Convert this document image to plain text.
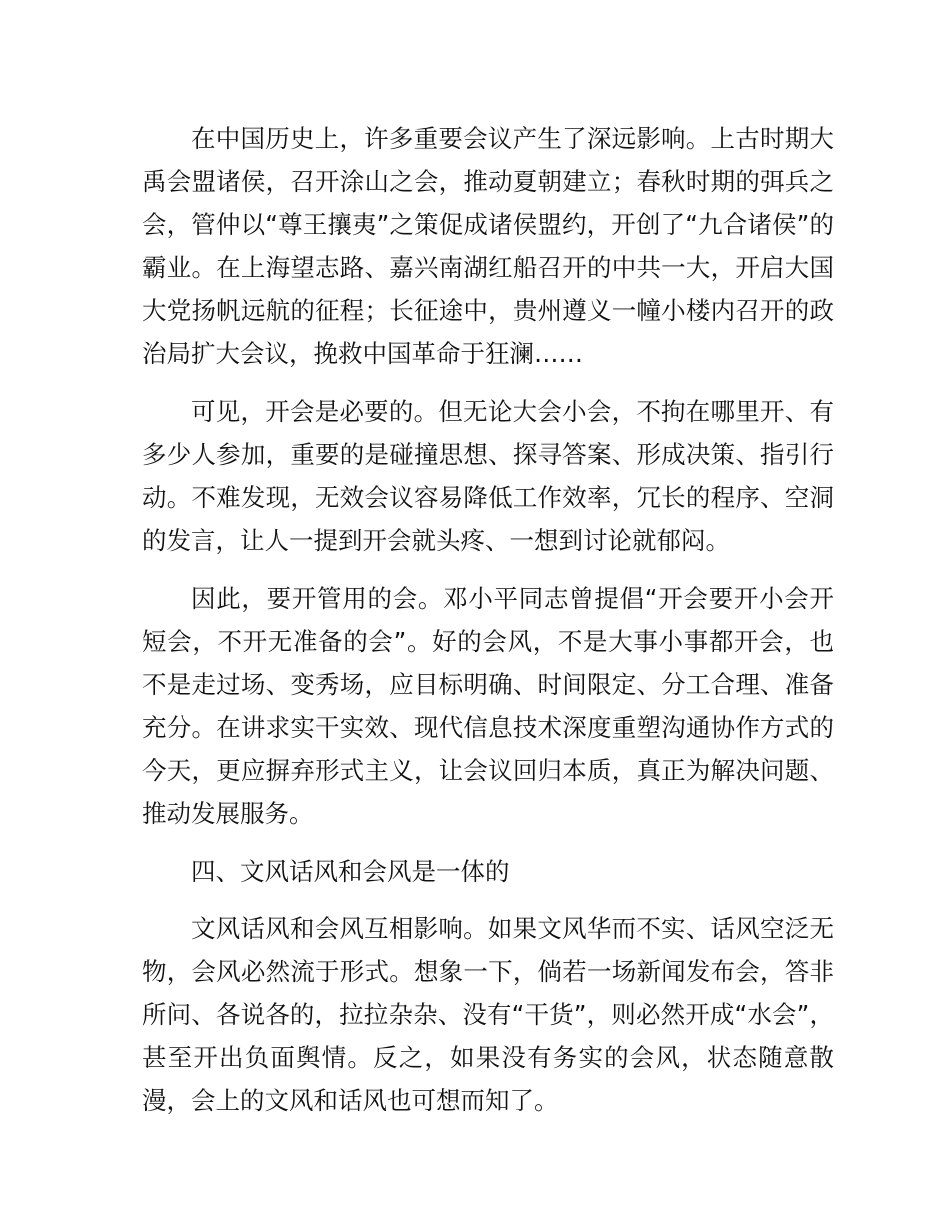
在中国历史上，许多重要会议产生了深远影响。上古时期大禹会盟诸侯，召开涂山之会，推动夏朝建立；春秋时期的弭兵之会，管仲以“尊王攘夷”之策促成诸侯盟约，开创了“九合诸侯”的霸业。在上海望志路、嘉兴南湖红船召开的中共一大，开启大国大党扬帆远航的征程；长征途中，贵州遵义一幢小楼内召开的政治局扩大会议，挽救中国革命于狂澜……

可见，开会是必要的。但无论大会小会，不拘在哪里开、有多少人参加，重要的是碰撞思想、探寻答案、形成决策、指引行动。不难发现，无效会议容易降低工作效率，冗长的程序、空洞的发言，让人一提到开会就头疼、一想到讨论就郁闷。

因此，要开管用的会。邓小平同志曾提倡“开会要开小会开短会，不开无准备的会”。好的会风，不是大事小事都开会，也不是走过场、变秀场，应目标明确、时间限定、分工合理、准备充分。在讲求实干实效、现代信息技术深度重塑沟通协作方式的今天，更应摒弃形式主义，让会议回归本质，真正为解决问题、推动发展服务。

四、文风话风和会风是一体的

文风话风和会风互相影响。如果文风华而不实、话风空泛无物，会风必然流于形式。想象一下，倘若一场新闻发布会，答非所问、各说各的，拉拉杂杂、没有“干货”，则必然开成“水会”，甚至开出负面舆情。反之，如果没有务实的会风，状态随意散漫，会上的文风和话风也可想而知了。
